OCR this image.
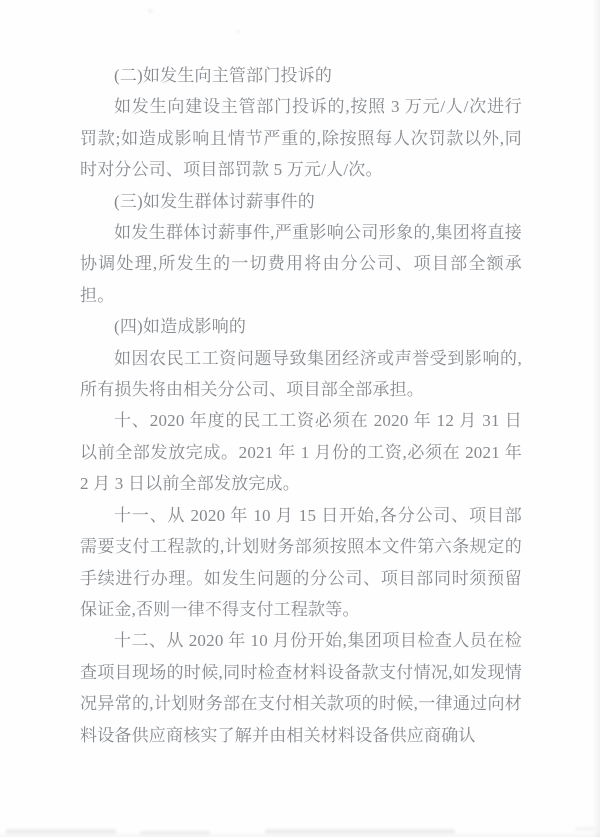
(二)如发生向主管部门投诉的

如发生向建设主管部门投诉的,按照 3 万元/人/次进行罚款;如造成影响且情节严重的,除按照每人次罚款以外,同时对分公司、项目部罚款 5 万元/人/次。

(三)如发生群体讨薪事件的

如发生群体讨薪事件,严重影响公司形象的,集团将直接协调处理,所发生的一切费用将由分公司、项目部全额承担。

(四)如造成影响的

如因农民工工资问题导致集团经济或声誉受到影响的,所有损失将由相关分公司、项目部全部承担。

十、2020 年度的民工工资必须在 2020 年 12 月 31 日以前全部发放完成。2021 年 1 月份的工资,必须在 2021 年 2 月 3 日以前全部发放完成。

十一、从 2020 年 10 月 15 日开始,各分公司、项目部需要支付工程款的,计划财务部须按照本文件第六条规定的手续进行办理。如发生问题的分公司、项目部同时须预留保证金,否则一律不得支付工程款等。

十二、从 2020 年 10 月份开始,集团项目检查人员在检查项目现场的时候,同时检查材料设备款支付情况,如发现情况异常的,计划财务部在支付相关款项的时候,一律通过向材料设备供应商核实了解并由相关材料设备供应商确认
